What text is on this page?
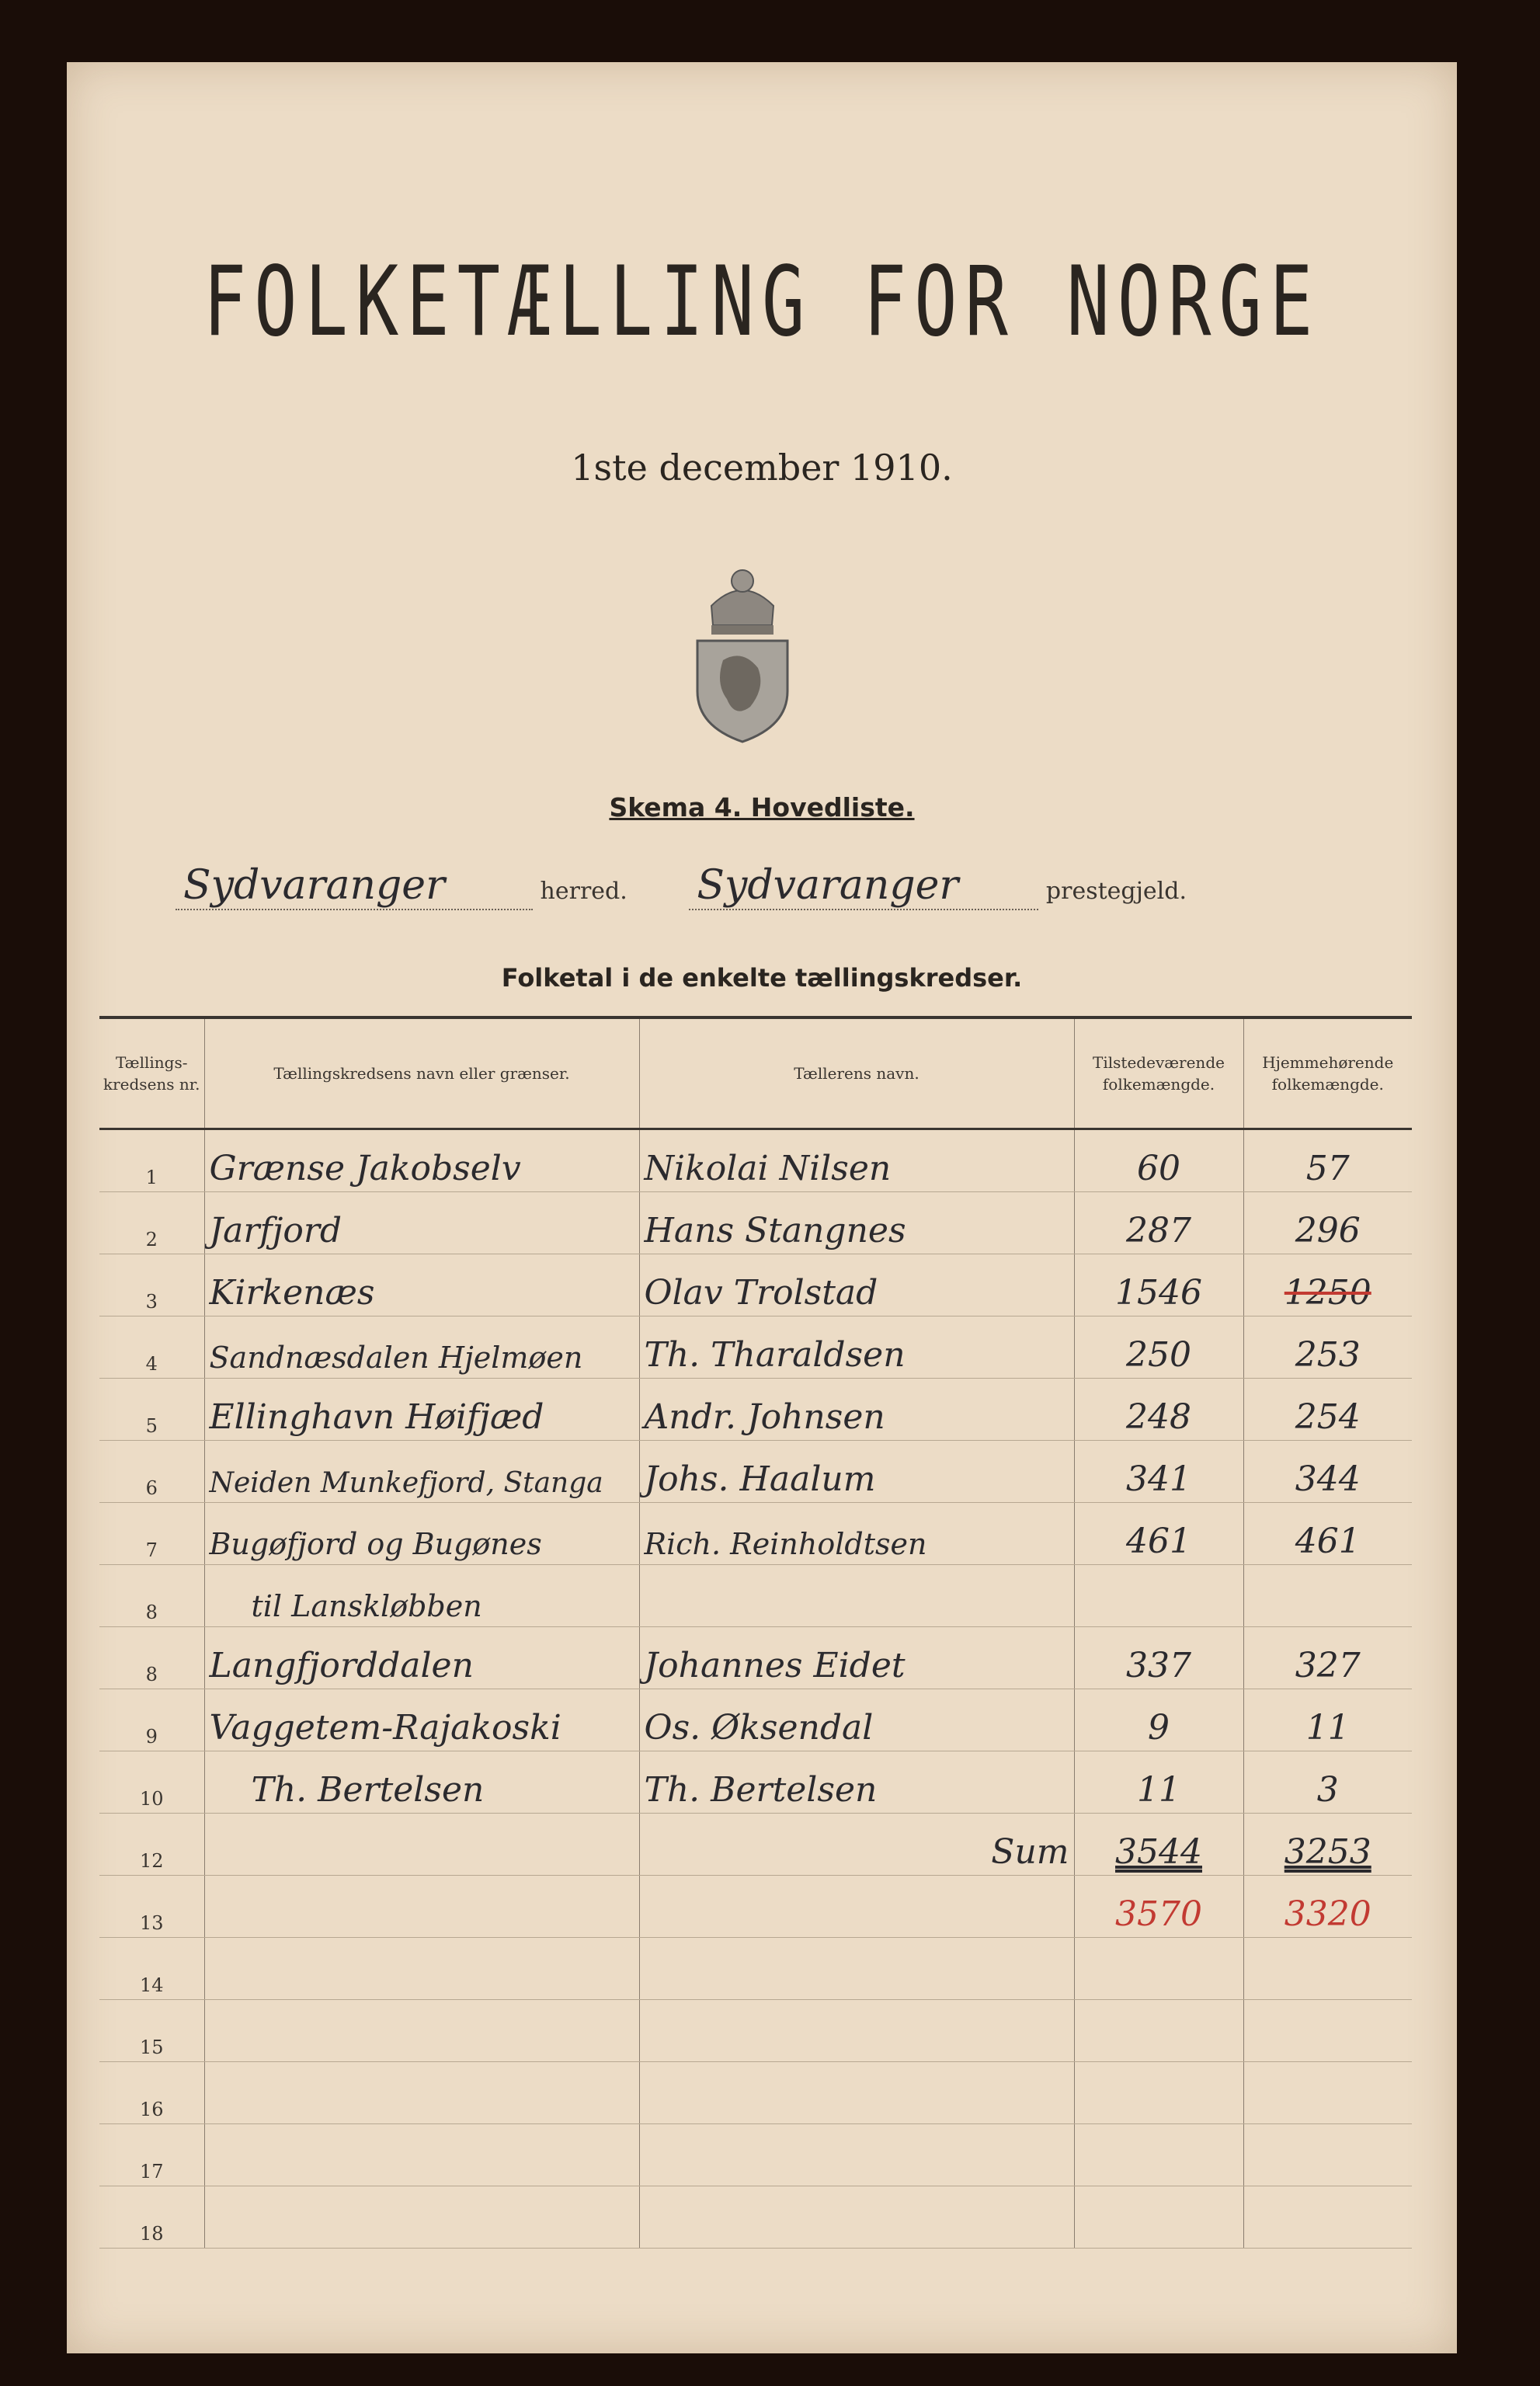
FOLKETÆLLING FOR NORGE
1ste december 1910.
Skema 4. Hovedliste.
Sydvaranger	herred. Sydvaranger	prestegjeld.
Folketal i de enkelte tællingskredser.
Tællings-kredsens nr.	Tællingskredsens navn eller grænser.	Tællerens navn.	Tilstedeværende folkemængde.	Hjemmehørende folkemængde.
1	Grænse Jakobselv	Nikolai Nilsen	60	57
2	Jarfjord	Hans Stangnes	287	296
3	Kirkenæs	Olav Trolstad	1546	1250
4	Sandnæsdalen Hjelmøen	Th. Tharaldsen	250	253
5	Ellinghavn Høifjæd	Andr. Johnsen	248	254
6	Neiden Munkefjord, Stanga	Johs. Haalum	341	344
7	Bugøfjord og Bugønes	Rich. Reinholdtsen	461	461
8	til Lanskløbben			
8	Langfjorddalen	Johannes Eidet	337	327
9	Vaggetem-Rajakoski	Os. Øksendal	9	11
10	Th. Bertelsen	Th. Bertelsen	11	3
12		Sum	3544	3253
13			3570	3320
14				
15				
16				
17				
18				
